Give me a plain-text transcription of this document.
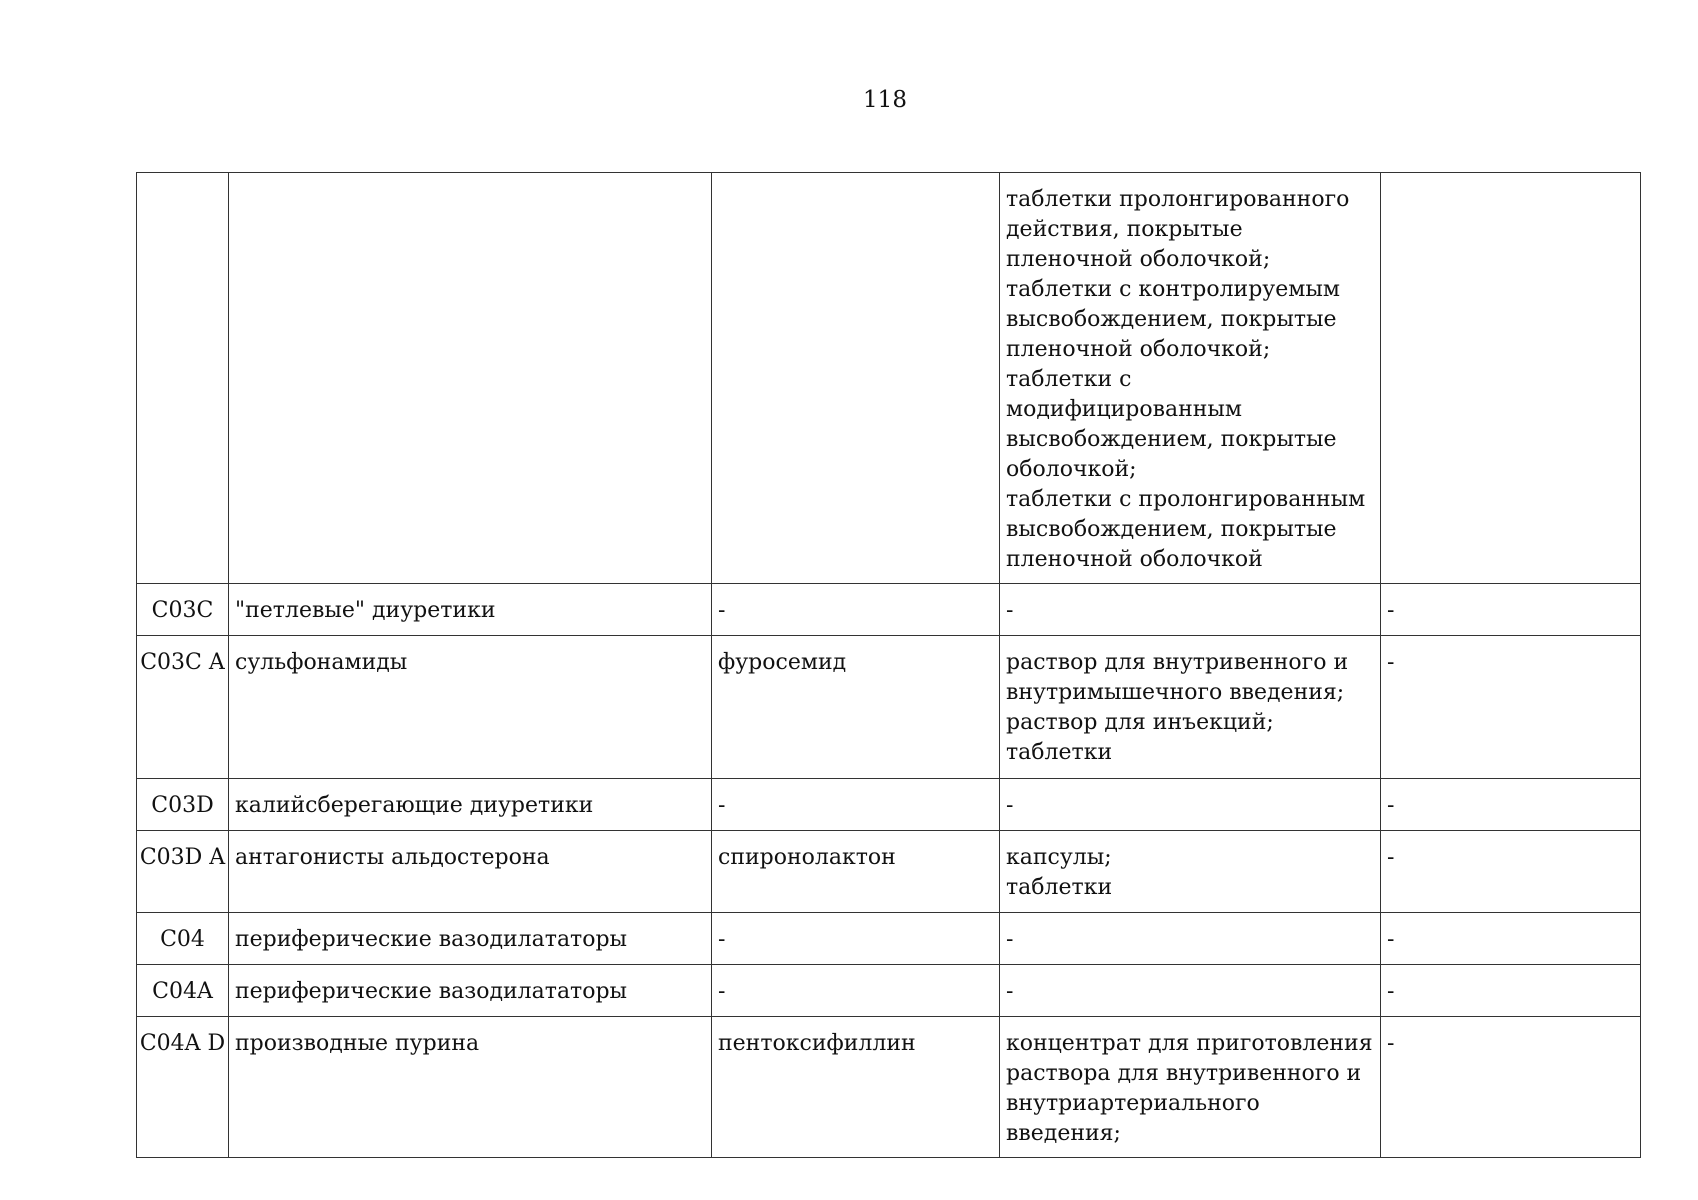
118

			таблетки пролонгированного действия, покрытые пленочной оболочкой;
таблетки с контролируемым высвобождением, покрытые пленочной оболочкой;
таблетки с модифицированным высвобождением, покрытые оболочкой;
таблетки с пролонгированным высвобождением, покрытые пленочной оболочкой	

C03C	"петлевые" диуретики	-	-	-
C03C A	сульфонамиды	фуросемид	раствор для внутривенного и внутримышечного введения;
раствор для инъекций;
таблетки	-
C03D	калийсберегающие диуретики	-	-	-
C03D A	антагонисты альдостерона	спиронолактон	капсулы;
таблетки	-
C04	периферические вазодилататоры	-	-	-
C04A	периферические вазодилататоры	-	-	-
C04A D	производные пурина	пентоксифиллин	концентрат для приготовления раствора для внутривенного и внутриартериального введения;	-
